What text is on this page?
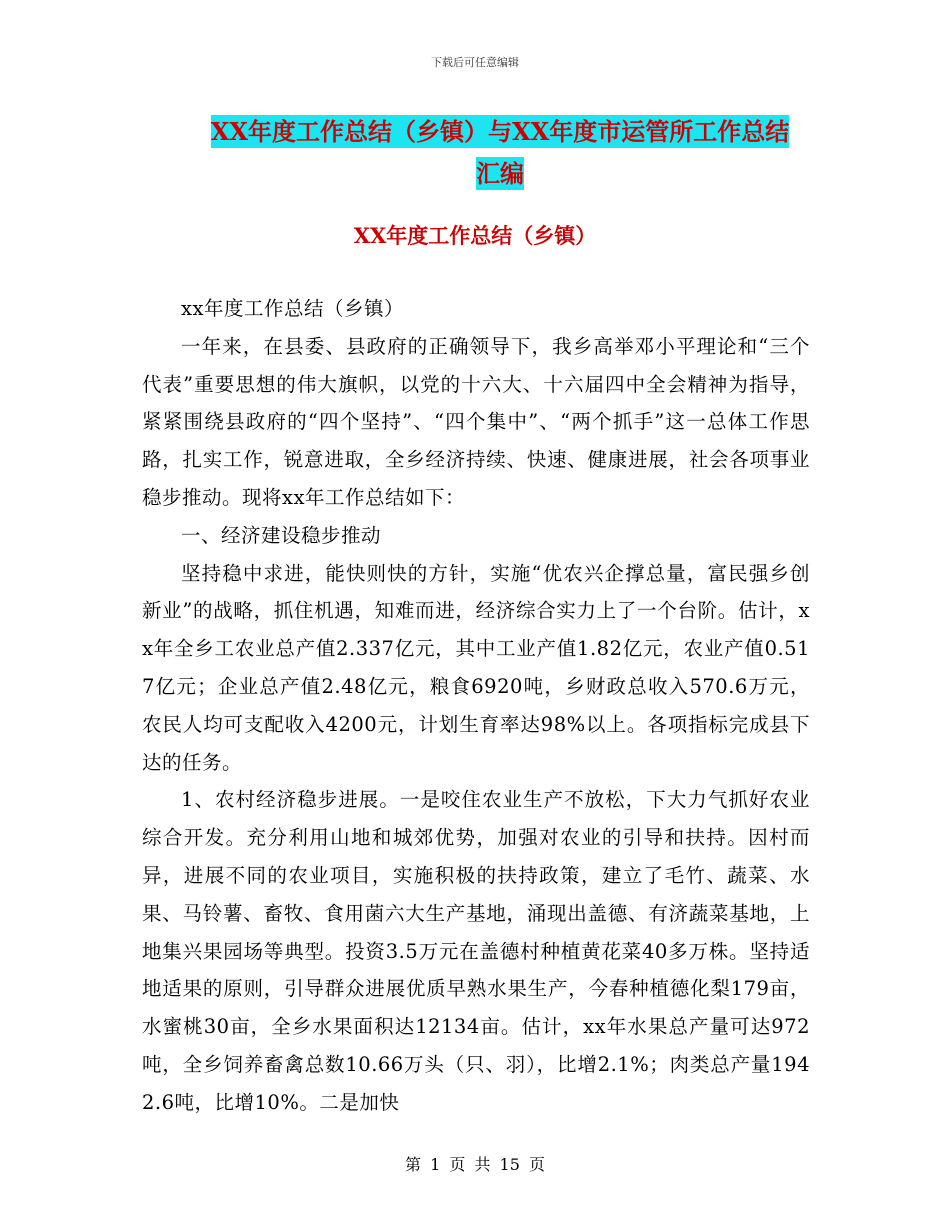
下载后可任意编辑
XX年度工作总结（乡镇）与XX年度市运管所工作总结
汇编
XX年度工作总结（乡镇）

xx年度工作总结（乡镇）

一年来，在县委、县政府的正确领导下，我乡高举邓小平理论和“三个代表”重要思想的伟大旗帜，以党的十六大、十六届四中全会精神为指导，紧紧围绕县政府的“四个坚持”、“四个集中”、“两个抓手”这一总体工作思路，扎实工作，锐意进取，全乡经济持续、快速、健康进展，社会各项事业稳步推动。现将xx年工作总结如下：

一、经济建设稳步推动

坚持稳中求进，能快则快的方针，实施“优农兴企撑总量，富民强乡创新业”的战略，抓住机遇，知难而进，经济综合实力上了一个台阶。估计，xx年全乡工农业总产值2.337亿元，其中工业产值1.82亿元，农业产值0.517亿元；企业总产值2.48亿元，粮食6920吨，乡财政总收入570.6万元，农民人均可支配收入4200元，计划生育率达98%以上。各项指标完成县下达的任务。

1、农村经济稳步进展。一是咬住农业生产不放松，下大力气抓好农业综合开发。充分利用山地和城郊优势，加强对农业的引导和扶持。因村而异，进展不同的农业项目，实施积极的扶持政策，建立了毛竹、蔬菜、水果、马铃薯、畜牧、食用菌六大生产基地，涌现出盖德、有济蔬菜基地，上地集兴果园场等典型。投资3.5万元在盖德村种植黄花菜40多万株。坚持适地适果的原则，引导群众进展优质早熟水果生产，今春种植德化梨179亩，水蜜桃30亩，全乡水果面积达12134亩。估计，xx年水果总产量可达972吨，全乡饲养畜禽总数10.66万头（只、羽），比增2.1%；肉类总产量1942.6吨，比增10%。二是加快

第 1 页 共 15 页
